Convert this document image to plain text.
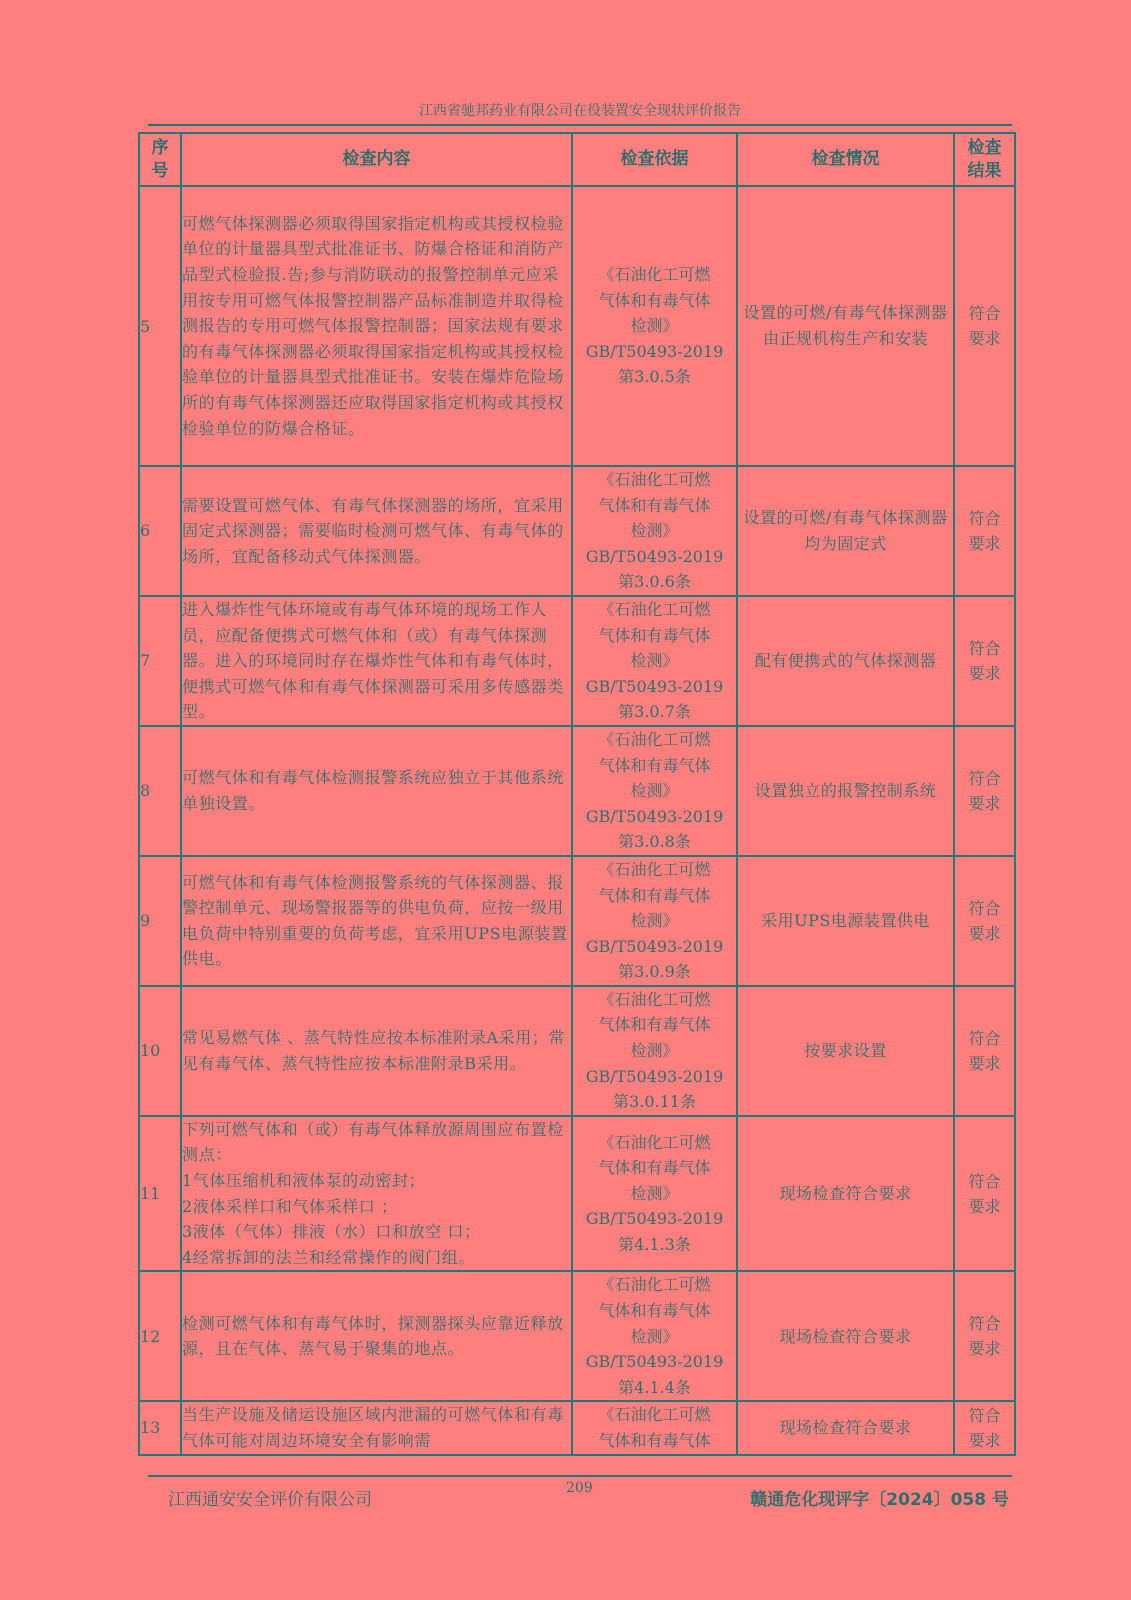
江西省驰邦药业有限公司在役装置安全现状评价报告
序
号	检查内容	检查依据	检查情况	检查
结果

5	可燃气体探测器必须取得国家指定机构或其授权检验单位的计量器具型式批准证书、防爆合格证和消防产品型式检验报.告;参与消防联动的报警控制单元应采用按专用可燃气体报警控制器产品标准制造并取得检测报告的专用可燃气体报警控制器；国家法规有要求的有毒气体探测器必须取得国家指定机构或其授权检验单位的计量器具型式批准证书。安装在爆炸危险场所的有毒气体探测器还应取得国家指定机构或其授权检验单位的防爆合格证。	《石油化工可燃
气体和有毒气体
检测》
GB/T50493-2019
第3.0.5条	设置的可燃/有毒气体探测器由正规机构生产和安装	符合
要求

6	需要设置可燃气体、有毒气体探测器的场所，宜采用固定式探测器；需要临时检测可燃气体、有毒气体的场所，宜配备移动式气体探测器。	《石油化工可燃
气体和有毒气体
检测》
GB/T50493-2019
第3.0.6条	设置的可燃/有毒气体探测器均为固定式	符合
要求

7	进入爆炸性气体环境或有毒气体环境的现场工作人员，应配备便携式可燃气体和（或）有毒气体探测器。进入的环境同时存在爆炸性气体和有毒气体时，便携式可燃气体和有毒气体探测器可采用多传感器类型。	《石油化工可燃
气体和有毒气体
检测》
GB/T50493-2019
第3.0.7条	配有便携式的气体探测器	符合
要求

8	可燃气体和有毒气体检测报警系统应独立于其他系统单独设置。	《石油化工可燃
气体和有毒气体
检测》
GB/T50493-2019
第3.0.8条	设置独立的报警控制系统	符合
要求

9	可燃气体和有毒气体检测报警系统的气体探测器、报警控制单元、现场警报器等的供电负荷，应按一级用电负荷中特别重要的负荷考虑，宜采用UPS电源装置供电。	《石油化工可燃
气体和有毒气体
检测》
GB/T50493-2019
第3.0.9条	采用UPS电源装置供电	符合
要求

10	常见易燃气体 、蒸气特性应按本标准附录A采用；常见有毒气体、蒸气特性应按本标准附录B采用。	《石油化工可燃
气体和有毒气体
检测》
GB/T50493-2019
第3.0.11条	按要求设置	符合
要求

11	下列可燃气体和（或）有毒气体释放源周围应布置检测点：
1气体压缩机和液体泵的动密封；
2液体采样口和气体采样口 ；
3液体（气体）排液（水）口和放空 口；
4经常拆卸的法兰和经常操作的阀门组。	《石油化工可燃
气体和有毒气体
检测》
GB/T50493-2019
第4.1.3条	现场检查符合要求	符合
要求

12	检测可燃气体和有毒气体时，探测器探头应靠近释放源，且在气体、蒸气易于聚集的地点。	《石油化工可燃
气体和有毒气体
检测》
GB/T50493-2019
第4.1.4条	现场检查符合要求	符合
要求

13	当生产设施及储运设施区域内泄漏的可燃气体和有毒气体可能对周边环境安全有影响需	《石油化工可燃
气体和有毒气体	现场检查符合要求	符合
要求
江西通安安全评价有限公司
209
赣通危化现评字〔2024〕058 号
